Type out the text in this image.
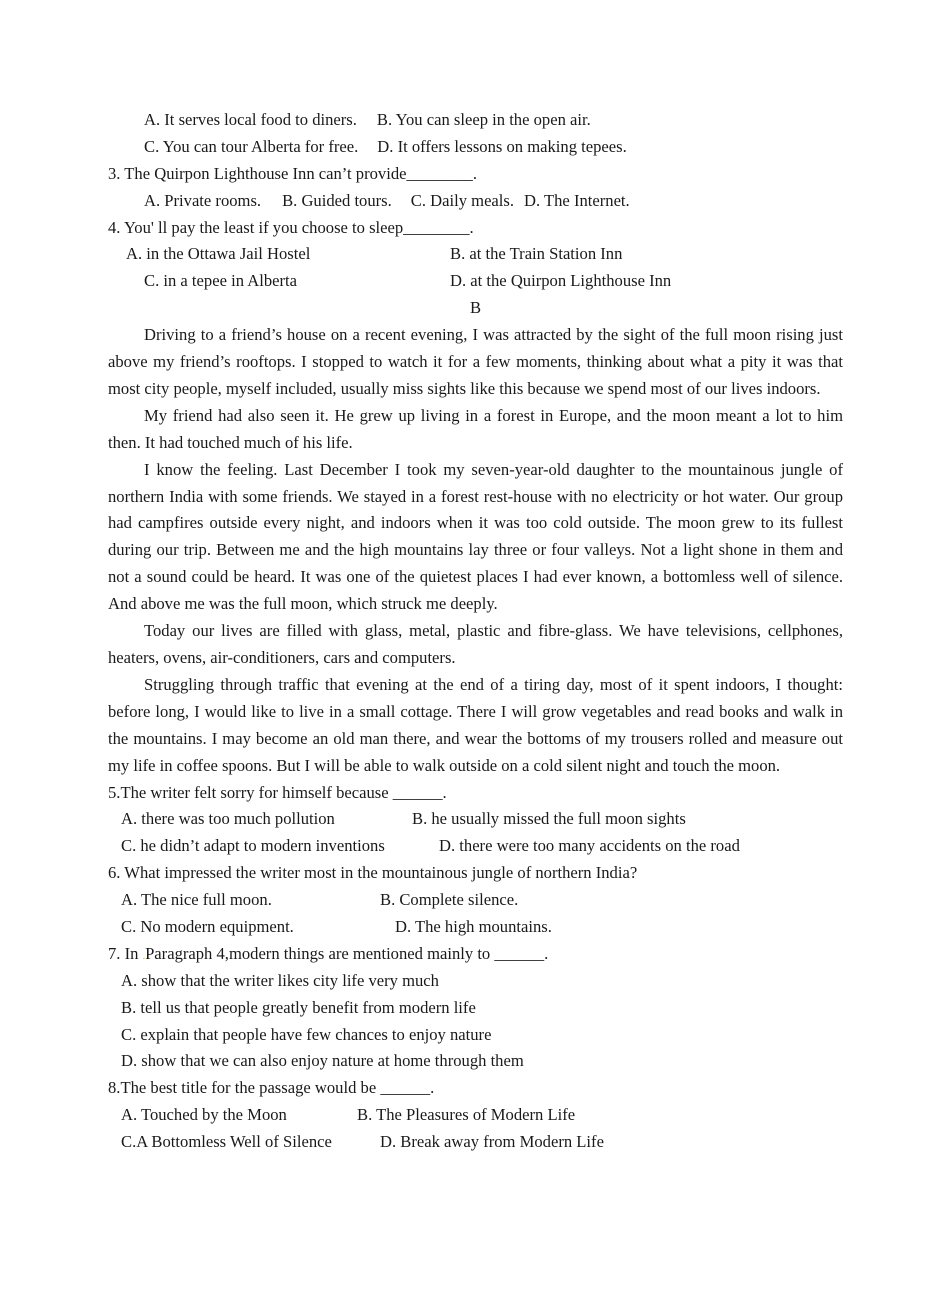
A. It serves local food to diners. B. You can sleep in the open air.
C. You can tour Alberta for free. D. It offers lessons on making tepees.
3. The Quirpon Lighthouse Inn can’t provide________.
A. Private rooms. B. Guided tours. C. Daily meals. D. The Internet.
4. You' ll pay the least if you choose to sleep________.
A. in the Ottawa Jail Hostel	B. at the Train Station Inn
C. in a tepee in Alberta	D. at the Quirpon Lighthouse Inn
B

Driving to a friend’s house on a recent evening, I was attracted by the sight of the full moon rising just above my friend’s rooftops. I stopped to watch it for a few moments, thinking about what a pity it was that most city people, myself included, usually miss sights like this because we spend most of our lives indoors.

My friend had also seen it. He grew up living in a forest in Europe, and the moon meant a lot to him then. It had touched much of his life.

I know the feeling. Last December I took my seven-year-old daughter to the mountainous jungle of northern India with some friends. We stayed in a forest rest-house with no electricity or hot water. Our group had campfires outside every night, and indoors when it was too cold outside. The moon grew to its fullest during our trip. Between me and the high mountains lay three or four valleys. Not a light shone in them and not a sound could be heard. It was one of the quietest places I had ever known, a bottomless well of silence. And above me was the full moon, which struck me deeply.

Today our lives are filled with glass, metal, plastic and fibre-glass. We have televisions, cellphones, heaters, ovens, air-conditioners, cars and computers.

Struggling through traffic that evening at the end of a tiring day, most of it spent indoors, I thought: before long, I would like to live in a small cottage. There I will grow vegetables and read books and walk in the mountains. I may become an old man there, and wear the bottoms of my trousers rolled and measure out my life in coffee spoons. But I will be able to walk outside on a cold silent night and touch the moon.

5.The writer felt sorry for himself because ______.
A. there was too much pollution	B. he usually missed the full moon sights
C. he didn’t adapt to modern inventions	D. there were too many accidents on the road
6. What impressed the writer most in the mountainous jungle of northern India?
A. The nice full moon.	B. Complete silence.
C. No modern equipment.	D. The high mountains.
7. In .Paragraph 4,modern things are mentioned mainly to ______.
A. show that the writer likes city life very much
B. tell us that people greatly benefit from modern life
C. explain that people have few chances to enjoy nature
D. show that we can also enjoy nature at home through them
8.The best title for the passage would be ______.
A. Touched by the Moon	B. The Pleasures of Modern Life
C.A Bottomless Well of Silence	D. Break away from Modern Life
